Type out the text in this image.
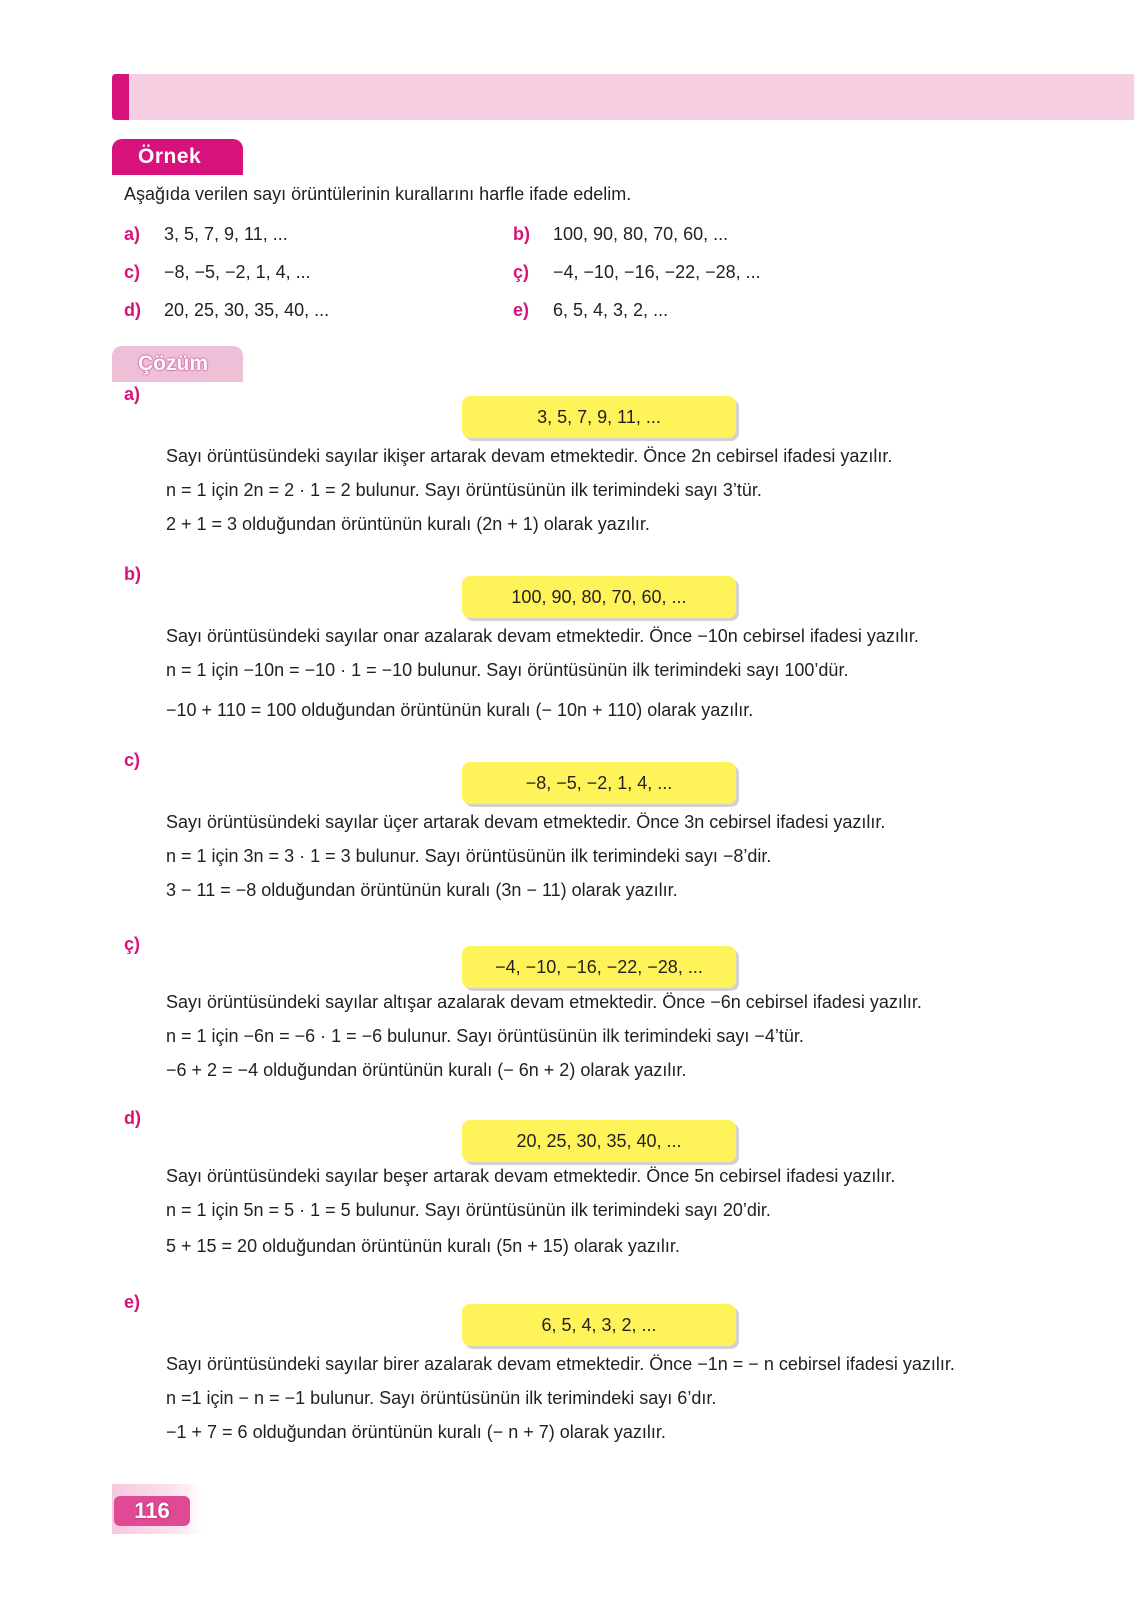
Örnek
Aşağıda verilen sayı örüntülerinin kurallarını harfle ifade edelim.
a)	3, 5, 7, 9, 11, ...	b)	100, 90, 80, 70, 60, ...
c)	−8, −5, −2, 1, 4, ...	ç)	−4, −10, −16, −22, −28, ...
d)	20, 25, 30, 35, 40, ...	e)	6, 5, 4, 3, 2, ...
Çözüm
a)
3, 5, 7, 9, 11, ...
Sayı örüntüsündeki sayılar ikişer artarak devam etmektedir. Önce 2n cebirsel ifadesi yazılır.
n = 1 için 2n = 2 · 1 = 2 bulunur. Sayı örüntüsünün ilk terimindeki sayı 3’tür.
2 + 1 = 3 olduğundan örüntünün kuralı (2n + 1) olarak yazılır.
b)
100, 90, 80, 70, 60, ...
Sayı örüntüsündeki sayılar onar azalarak devam etmektedir. Önce −10n cebirsel ifadesi yazılır.
n = 1 için −10n = −10 · 1 = −10 bulunur. Sayı örüntüsünün ilk terimindeki sayı 100’dür.
−10 + 110 = 100 olduğundan örüntünün kuralı (− 10n + 110) olarak yazılır.
c)
−8, −5, −2, 1, 4, ...
Sayı örüntüsündeki sayılar üçer artarak devam etmektedir. Önce 3n cebirsel ifadesi yazılır.
n = 1 için 3n = 3 · 1 = 3 bulunur. Sayı örüntüsünün ilk terimindeki sayı −8’dir.
3 − 11 = −8 olduğundan örüntünün kuralı (3n − 11) olarak yazılır.
ç)
−4, −10, −16, −22, −28, ...
Sayı örüntüsündeki sayılar altışar azalarak devam etmektedir. Önce −6n cebirsel ifadesi yazılır.
n = 1 için −6n = −6 · 1 = −6 bulunur. Sayı örüntüsünün ilk terimindeki sayı −4’tür.
−6 + 2 = −4 olduğundan örüntünün kuralı (− 6n + 2) olarak yazılır.
d)
20, 25, 30, 35, 40, ...
Sayı örüntüsündeki sayılar beşer artarak devam etmektedir. Önce 5n cebirsel ifadesi yazılır.
n = 1 için 5n = 5 · 1 = 5 bulunur. Sayı örüntüsünün ilk terimindeki sayı 20’dir.
5 + 15 = 20 olduğundan örüntünün kuralı (5n + 15) olarak yazılır.
e)
6, 5, 4, 3, 2, ...
Sayı örüntüsündeki sayılar birer azalarak devam etmektedir. Önce −1n = − n cebirsel ifadesi yazılır.
n =1 için − n = −1 bulunur. Sayı örüntüsünün ilk terimindeki sayı 6’dır.
−1 + 7 = 6 olduğundan örüntünün kuralı (− n + 7) olarak yazılır.
116
